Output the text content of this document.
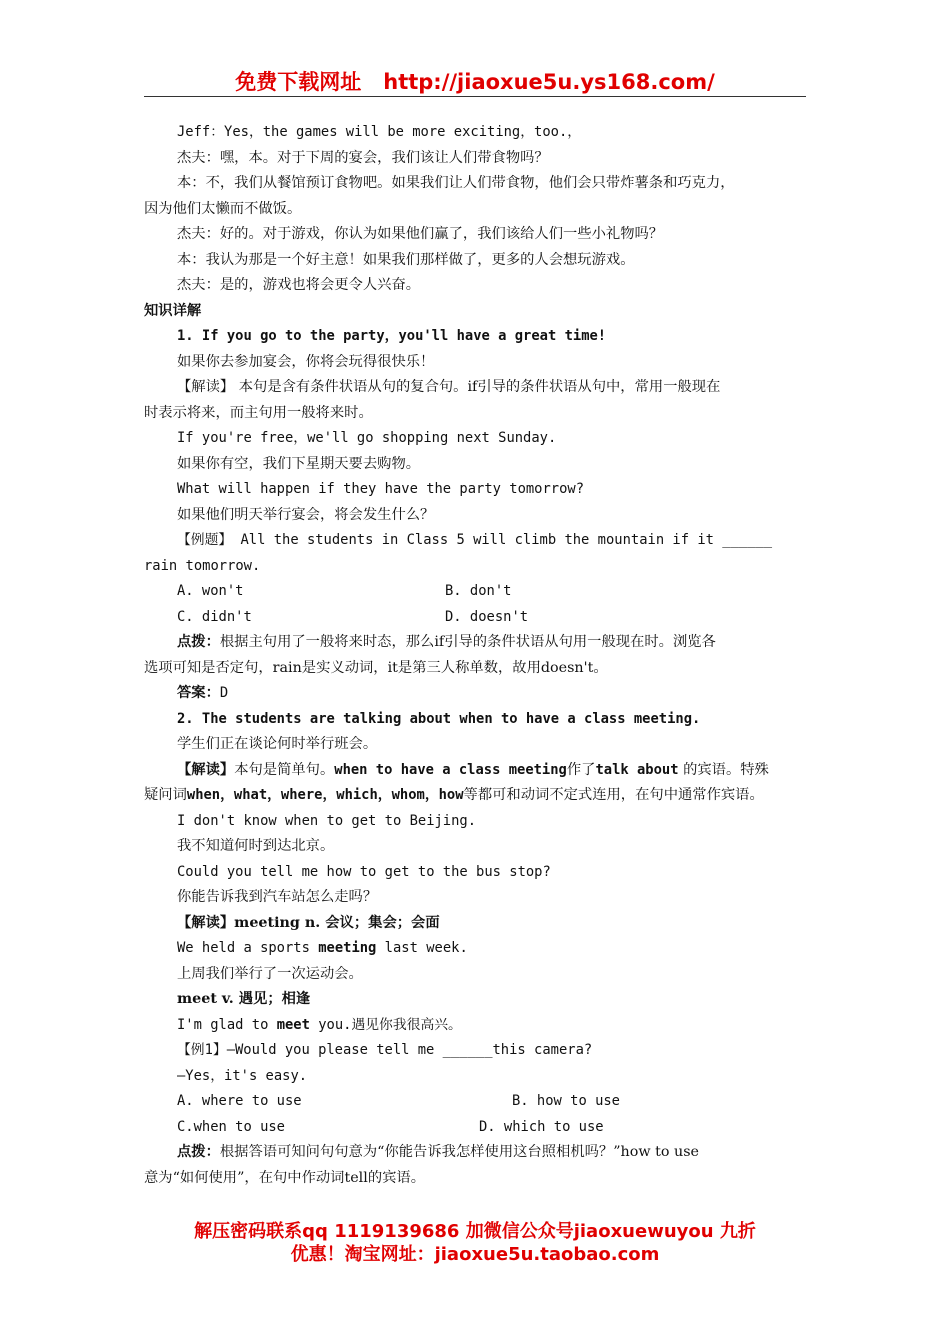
免费下载网址 http://jiaoxue5u.ys168.com/
Jeff：Yes，the games will be more exciting，too.，
杰夫：嘿，本。对于下周的宴会，我们该让人们带食物吗？
本：不，我们从餐馆预订食物吧。如果我们让人们带食物，他们会只带炸薯条和巧克力，
因为他们太懒而不做饭。
杰夫：好的。对于游戏，你认为如果他们赢了，我们该给人们一些小礼物吗？
本：我认为那是一个好主意！如果我们那样做了，更多的人会想玩游戏。
杰夫：是的，游戏也将会更令人兴奋。
知识详解
1. If you go to the party，you'll have a great time!
如果你去参加宴会，你将会玩得很快乐！
【解读】 本句是含有条件状语从句的复合句。if引导的条件状语从句中，常用一般现在
时表示将来，而主句用一般将来时。
If you're free，we'll go shopping next Sunday.
如果你有空，我们下星期天要去购物。
What will happen if they have the party tomorrow?
如果他们明天举行宴会，将会发生什么？
【例题】 All the students in Class 5 will climb the mountain if it ______
rain tomorrow.
A. won't	B. don't
C. didn't	D. doesn't
点拨：根据主句用了一般将来时态，那么if引导的条件状语从句用一般现在时。浏览各
选项可知是否定句，rain是实义动词，it是第三人称单数，故用doesn't。
答案：D
2. The students are talking about when to have a class meeting.
学生们正在谈论何时举行班会。
【解读】本句是简单句。when to have a class meeting作了talk about 的宾语。特殊
疑问词when，what，where，which，whom，how等都可和动词不定式连用，在句中通常作宾语。
I don't know when to get to Beijing.
我不知道何时到达北京。
Could you tell me how to get to the bus stop?
你能告诉我到汽车站怎么走吗？
【解读】meeting n. 会议；集会；会面
We held a sports meeting last week.
上周我们举行了一次运动会。
meet v. 遇见；相逢
I'm glad to meet you.遇见你我很高兴。
【例1】—Would you please tell me ______this camera?
—Yes，it's easy.
A. where to use	B. how to use
C.when to use	D. which to use
点拨：根据答语可知问句句意为“你能告诉我怎样使用这台照相机吗？”how to use
意为“如何使用”，在句中作动词tell的宾语。
解压密码联系qq 1119139686 加微信公众号jiaoxuewuyou 九折
优惠！淘宝网址：jiaoxue5u.taobao.com
